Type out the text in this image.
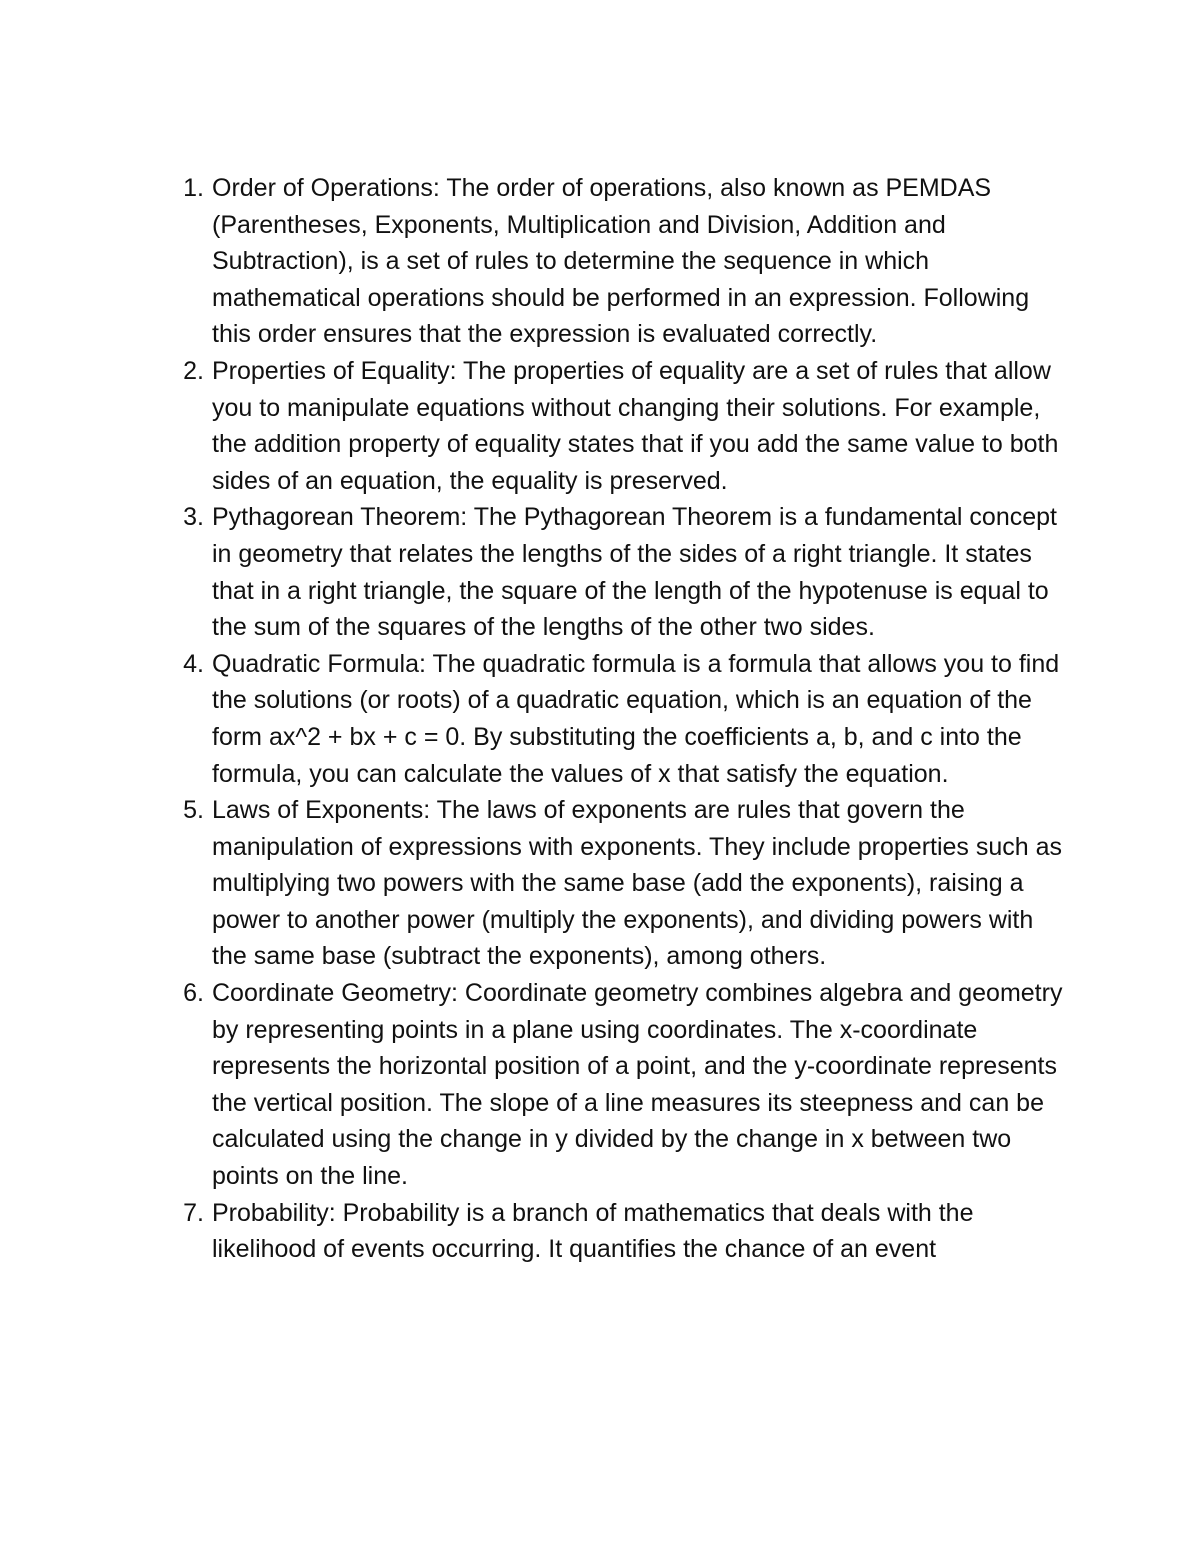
1. Order of Operations: The order of operations, also known as PEMDAS (Parentheses, Exponents, Multiplication and Division, Addition and Subtraction), is a set of rules to determine the sequence in which mathematical operations should be performed in an expression. Following this order ensures that the expression is evaluated correctly.
2. Properties of Equality: The properties of equality are a set of rules that allow you to manipulate equations without changing their solutions. For example, the addition property of equality states that if you add the same value to both sides of an equation, the equality is preserved.
3. Pythagorean Theorem: The Pythagorean Theorem is a fundamental concept in geometry that relates the lengths of the sides of a right triangle. It states that in a right triangle, the square of the length of the hypotenuse is equal to the sum of the squares of the lengths of the other two sides.
4. Quadratic Formula: The quadratic formula is a formula that allows you to find the solutions (or roots) of a quadratic equation, which is an equation of the form ax^2 + bx + c = 0. By substituting the coefficients a, b, and c into the formula, you can calculate the values of x that satisfy the equation.
5. Laws of Exponents: The laws of exponents are rules that govern the manipulation of expressions with exponents. They include properties such as multiplying two powers with the same base (add the exponents), raising a power to another power (multiply the exponents), and dividing powers with the same base (subtract the exponents), among others.
6. Coordinate Geometry: Coordinate geometry combines algebra and geometry by representing points in a plane using coordinates. The x-coordinate represents the horizontal position of a point, and the y-coordinate represents the vertical position. The slope of a line measures its steepness and can be calculated using the change in y divided by the change in x between two points on the line.
7. Probability: Probability is a branch of mathematics that deals with the likelihood of events occurring. It quantifies the chance of an event
